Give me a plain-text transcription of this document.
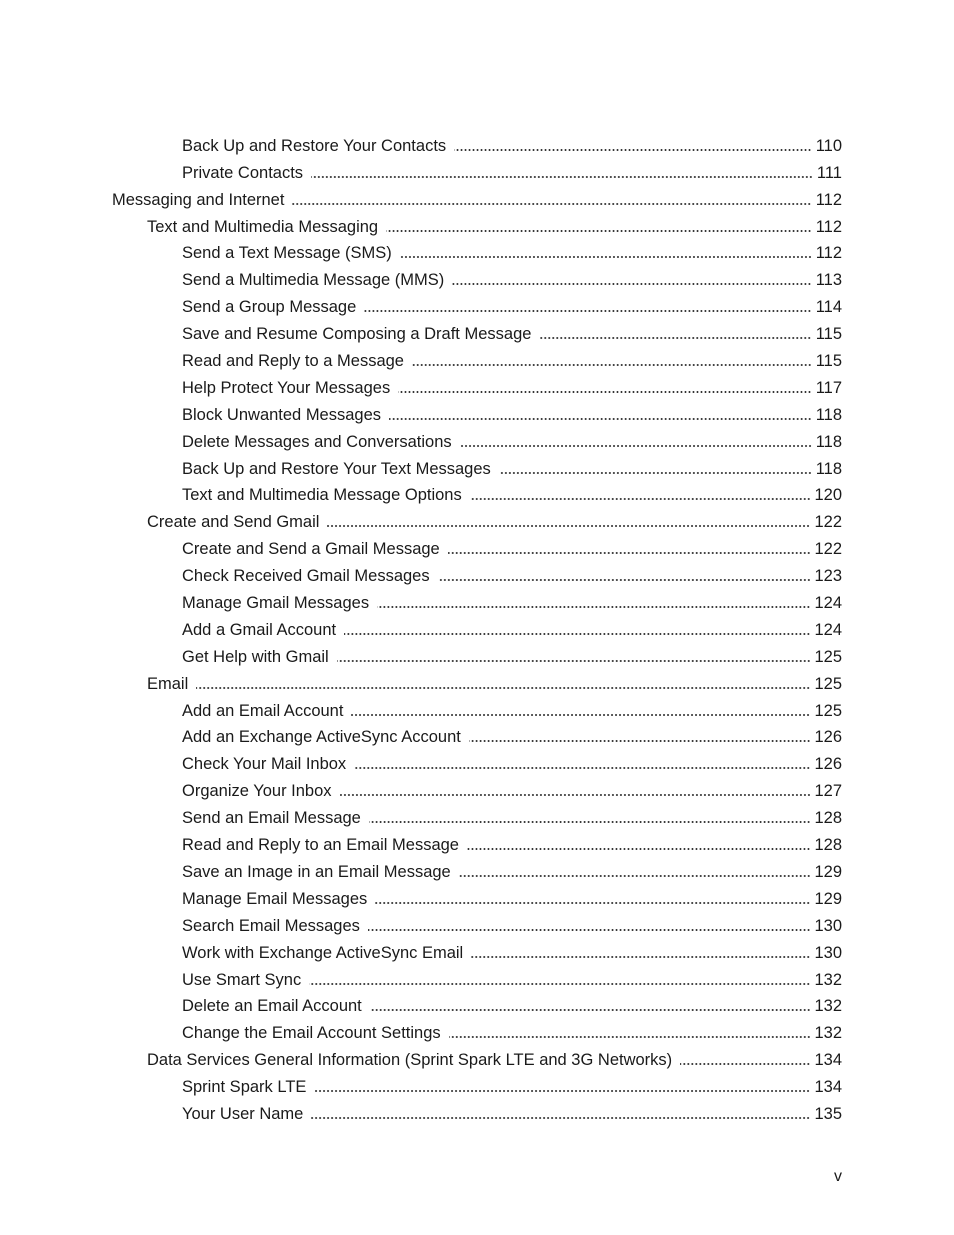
Back Up and Restore Your Contacts	110
Private Contacts	111
Messaging and Internet	112
Text and Multimedia Messaging	112
Send a Text Message (SMS)	112
Send a Multimedia Message (MMS)	113
Send a Group Message	114
Save and Resume Composing a Draft Message	115
Read and Reply to a Message	115
Help Protect Your Messages	117
Block Unwanted Messages	118
Delete Messages and Conversations	118
Back Up and Restore Your Text Messages	118
Text and Multimedia Message Options	120
Create and Send Gmail	122
Create and Send a Gmail Message	122
Check Received Gmail Messages	123
Manage Gmail Messages	124
Add a Gmail Account	124
Get Help with Gmail	125
Email	125
Add an Email Account	125
Add an Exchange ActiveSync Account	126
Check Your Mail Inbox	126
Organize Your Inbox	127
Send an Email Message	128
Read and Reply to an Email Message	128
Save an Image in an Email Message	129
Manage Email Messages	129
Search Email Messages	130
Work with Exchange ActiveSync Email	130
Use Smart Sync	132
Delete an Email Account	132
Change the Email Account Settings	132
Data Services General Information (Sprint Spark LTE and 3G Networks)	134
Sprint Spark LTE	134
Your User Name	135
v
